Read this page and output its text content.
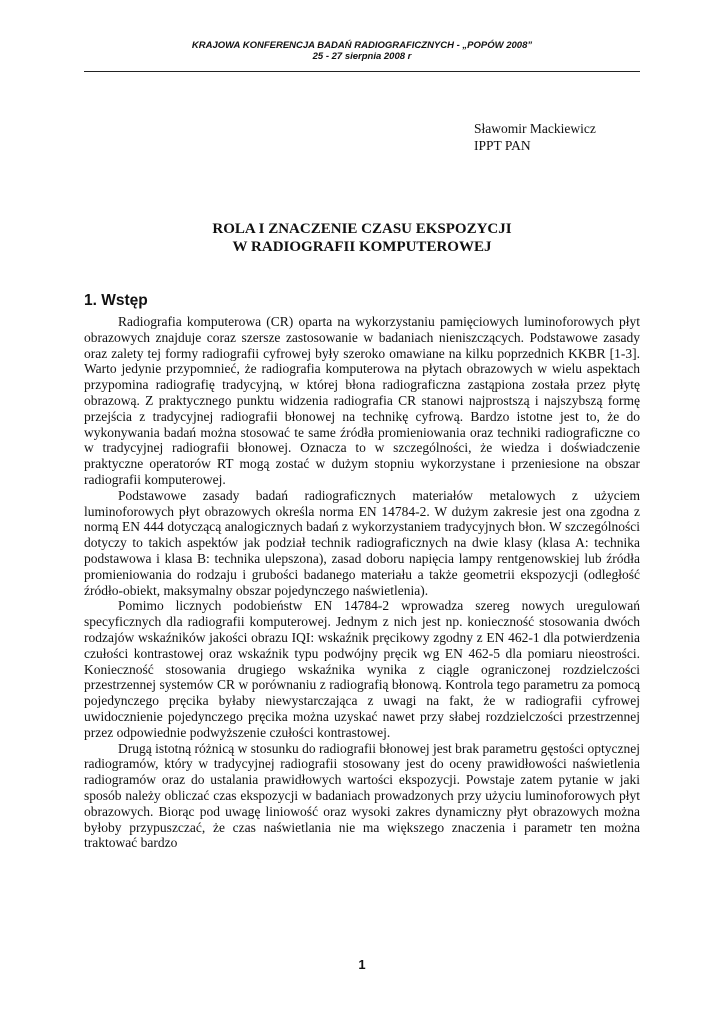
KRAJOWA KONFERENCJA BADAŃ RADIOGRAFICZNYCH - „POPÓW 2008”
25 - 27 sierpnia 2008 r
Sławomir Mackiewicz
IPPT PAN
ROLA I ZNACZENIE CZASU EKSPOZYCJI
W RADIOGRAFII KOMPUTEROWEJ
1. Wstęp

Radiografia komputerowa (CR) oparta na wykorzystaniu pamięciowych luminoforowych płyt obrazowych znajduje coraz szersze zastosowanie w badaniach nieniszczących. Podstawowe zasady oraz zalety tej formy radiografii cyfrowej były szeroko omawiane na kilku poprzednich KKBR [1-3]. Warto jedynie przypomnieć, że radiografia komputerowa na płytach obrazowych w wielu aspektach przypomina radiografię tradycyjną, w której błona radiograficzna zastąpiona została przez płytę obrazową. Z praktycznego punktu widzenia radiografia CR stanowi najprostszą i najszybszą formę przejścia z tradycyjnej radiografii błonowej na technikę cyfrową. Bardzo istotne jest to, że do wykonywania badań można stosować te same źródła promieniowania oraz techniki radiograficzne co w tradycyjnej radiografii błonowej. Oznacza to w szczególności, że wiedza i doświadczenie praktyczne operatorów RT mogą zostać w dużym stopniu wykorzystane i przeniesione na obszar radiografii komputerowej.

Podstawowe zasady badań radiograficznych materiałów metalowych z użyciem luminoforowych płyt obrazowych określa norma EN 14784-2. W dużym zakresie jest ona zgodna z normą EN 444 dotyczącą analogicznych badań z wykorzystaniem tradycyjnych błon. W szczególności dotyczy to takich aspektów jak podział technik radiograficznych na dwie klasy (klasa A: technika podstawowa i klasa B: technika ulepszona), zasad doboru napięcia lampy rentgenowskiej lub źródła promieniowania do rodzaju i grubości badanego materiału a także geometrii ekspozycji (odległość źródło-obiekt, maksymalny obszar pojedynczego naświetlenia).

Pomimo licznych podobieństw EN 14784-2 wprowadza szereg nowych uregulowań specyficznych dla radiografii komputerowej. Jednym z nich jest np. konieczność stosowania dwóch rodzajów wskaźników jakości obrazu IQI: wskaźnik pręcikowy zgodny z EN 462-1 dla potwierdzenia czułości kontrastowej oraz wskaźnik typu podwójny pręcik wg EN 462-5 dla pomiaru nieostrości. Konieczność stosowania drugiego wskaźnika wynika z ciągle ograniczonej rozdzielczości przestrzennej systemów CR w porównaniu z radiografią błonową. Kontrola tego parametru za pomocą pojedynczego pręcika byłaby niewystarczająca z uwagi na fakt, że w radiografii cyfrowej uwidocznienie pojedynczego pręcika można uzyskać nawet przy słabej rozdzielczości przestrzennej przez odpowiednie podwyższenie czułości kontrastowej.

Drugą istotną różnicą w stosunku do radiografii błonowej jest brak parametru gęstości optycznej radiogramów, który w tradycyjnej radiografii stosowany jest do oceny prawidłowości naświetlenia radiogramów oraz do ustalania prawidłowych wartości ekspozycji. Powstaje zatem pytanie w jaki sposób należy obliczać czas ekspozycji w badaniach prowadzonych przy użyciu luminoforowych płyt obrazowych. Biorąc pod uwagę liniowość oraz wysoki zakres dynamiczny płyt obrazowych można byłoby przypuszczać, że czas naświetlania nie ma większego znaczenia i parametr ten można traktować bardzo

1
